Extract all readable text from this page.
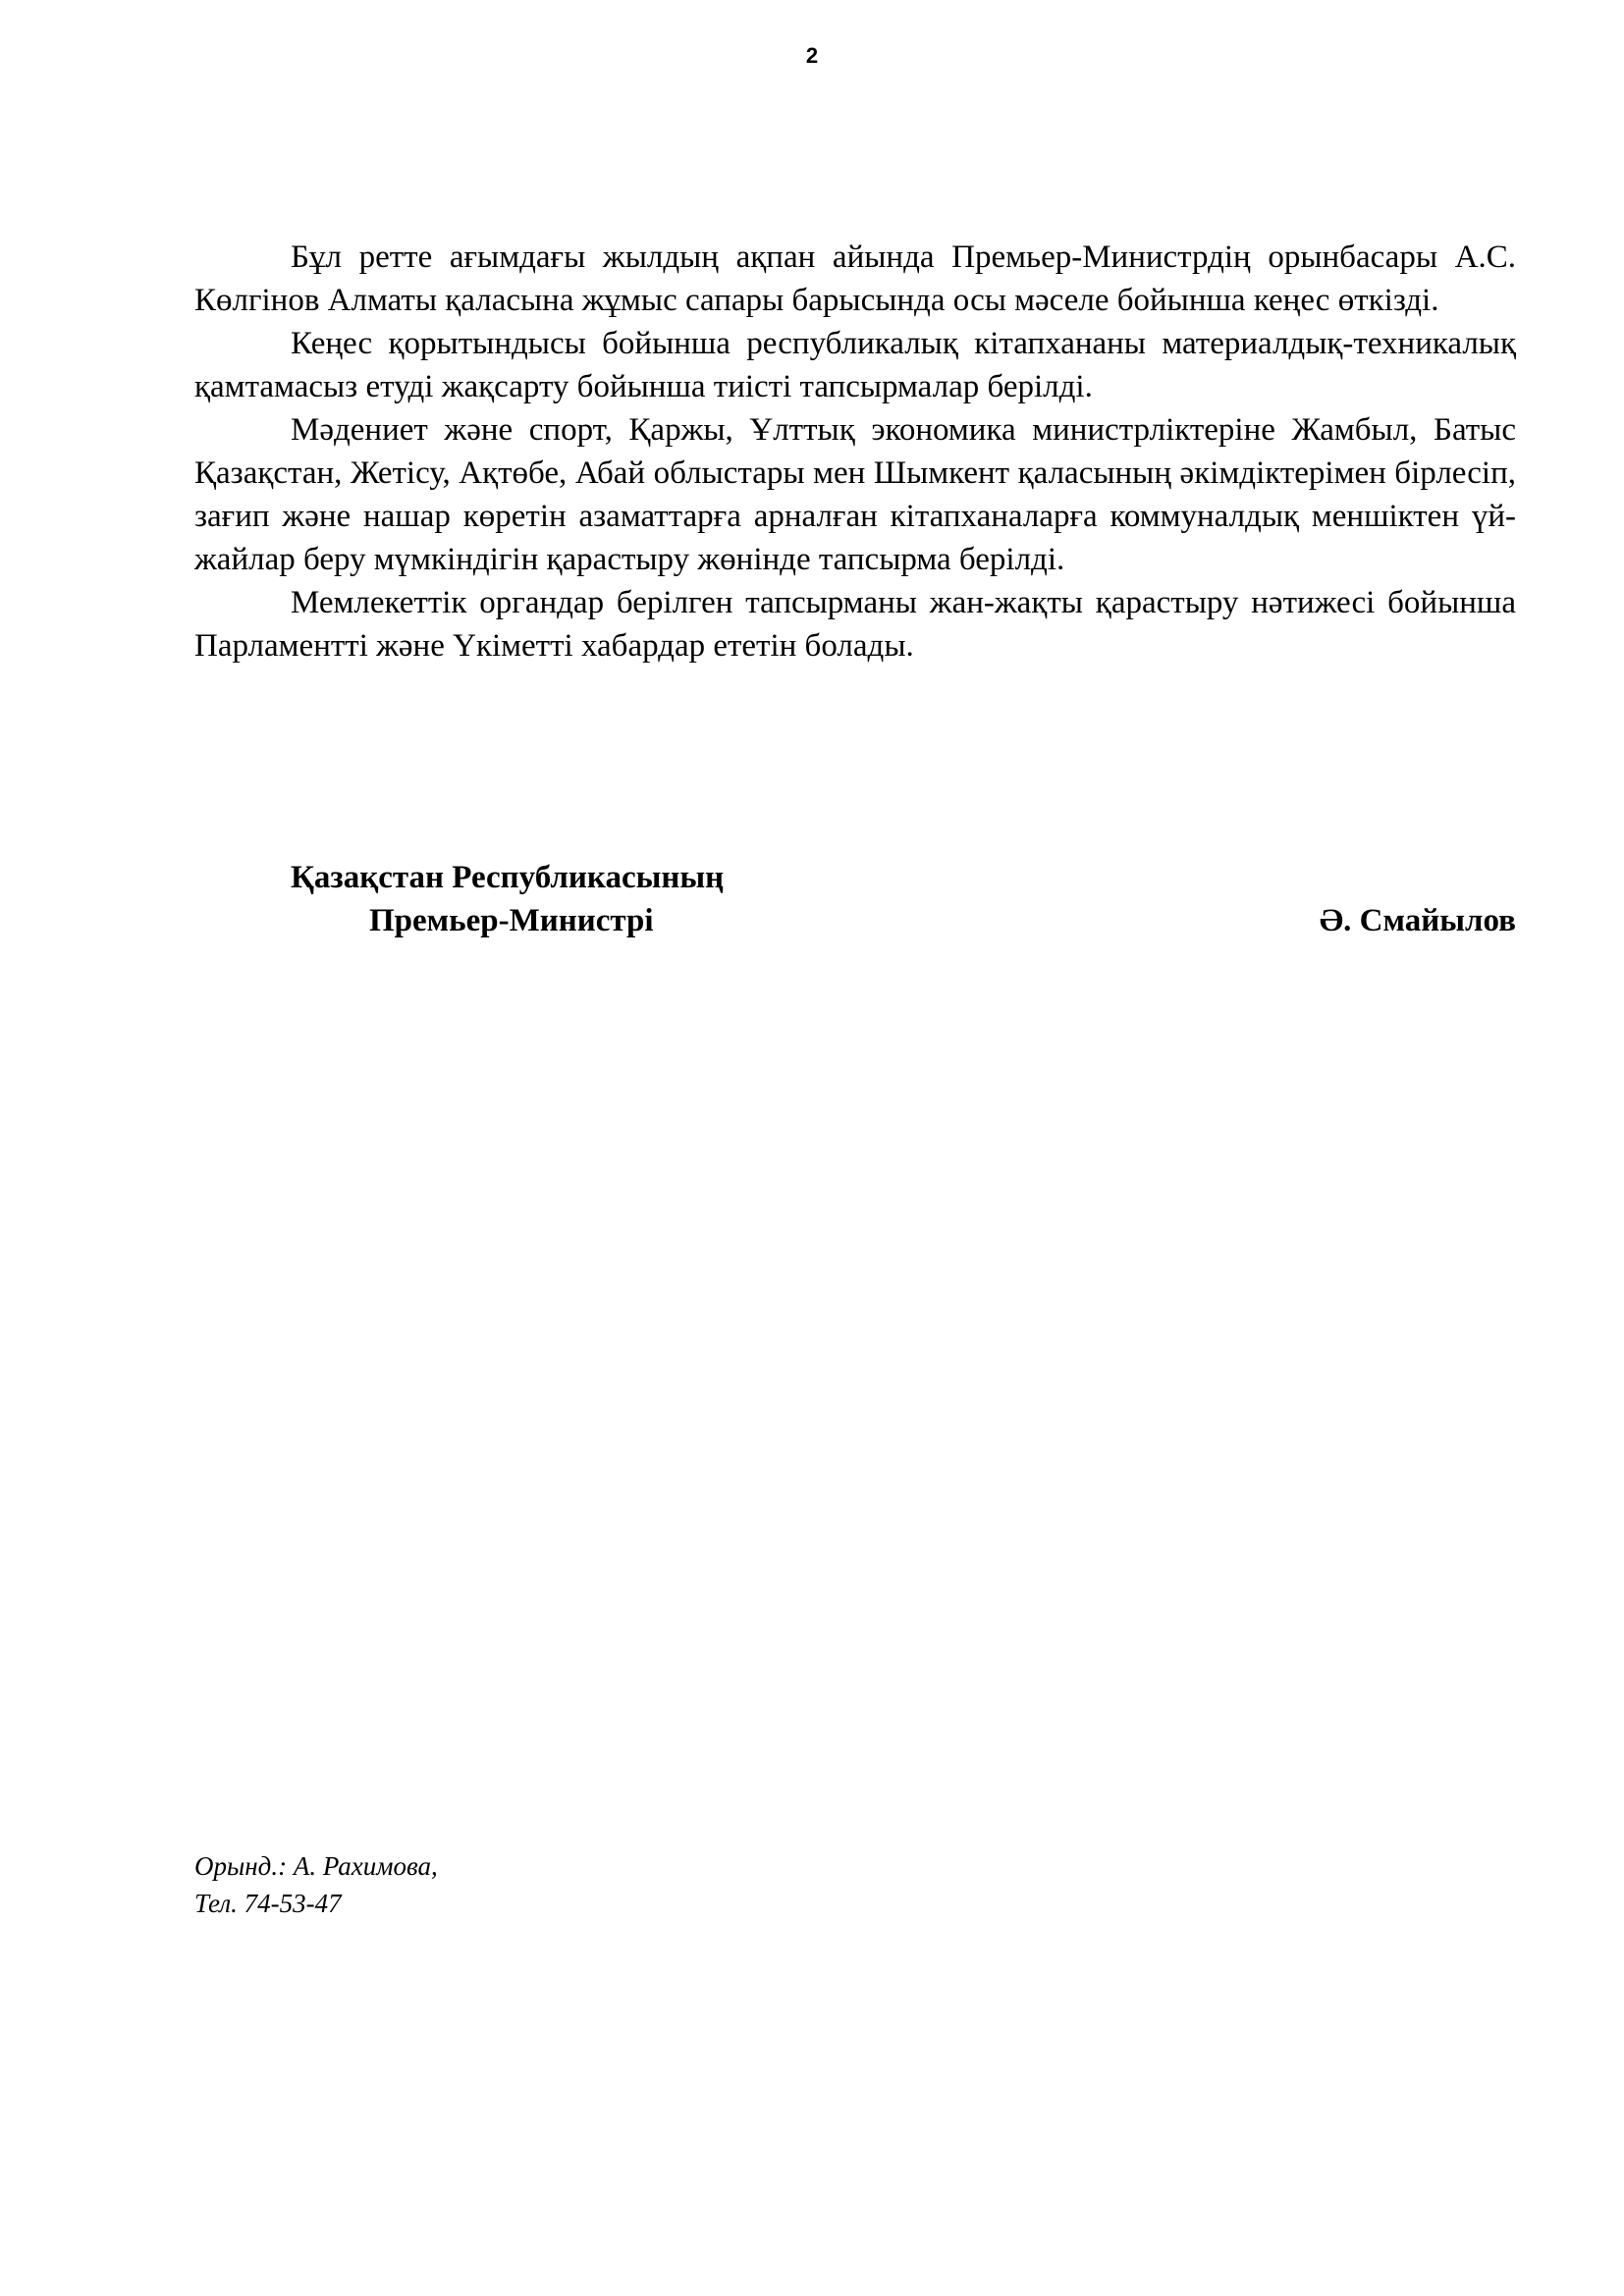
2

Бұл ретте ағымдағы жылдың ақпан айында Премьер-Министрдің орынбасары А.С. Көлгінов Алматы қаласына жұмыс сапары барысында осы мәселе бойынша кеңес өткізді.

Кеңес қорытындысы бойынша республикалық кітапхананы материалдық-техникалық қамтамасыз етуді жақсарту бойынша тиісті тапсырмалар берілді.

Мәдениет және спорт, Қаржы, Ұлттық экономика министрліктеріне Жамбыл, Батыс Қазақстан, Жетісу, Ақтөбе, Абай облыстары мен Шымкент қаласының әкімдіктерімен бірлесіп, зағип және нашар көретін азаматтарға арналған кітапханаларға коммуналдық меншіктен үй-жайлар беру мүмкіндігін қарастыру жөнінде тапсырма берілді.

Мемлекеттік органдар берілген тапсырманы жан-жақты қарастыру нәтижесі бойынша Парламентті және Үкіметті хабардар ететін болады.

Қазақстан Республикасының
Премьер-Министрі	Ә. Смайылов
Орынд.: А. Рахимова,
Тел. 74-53-47
